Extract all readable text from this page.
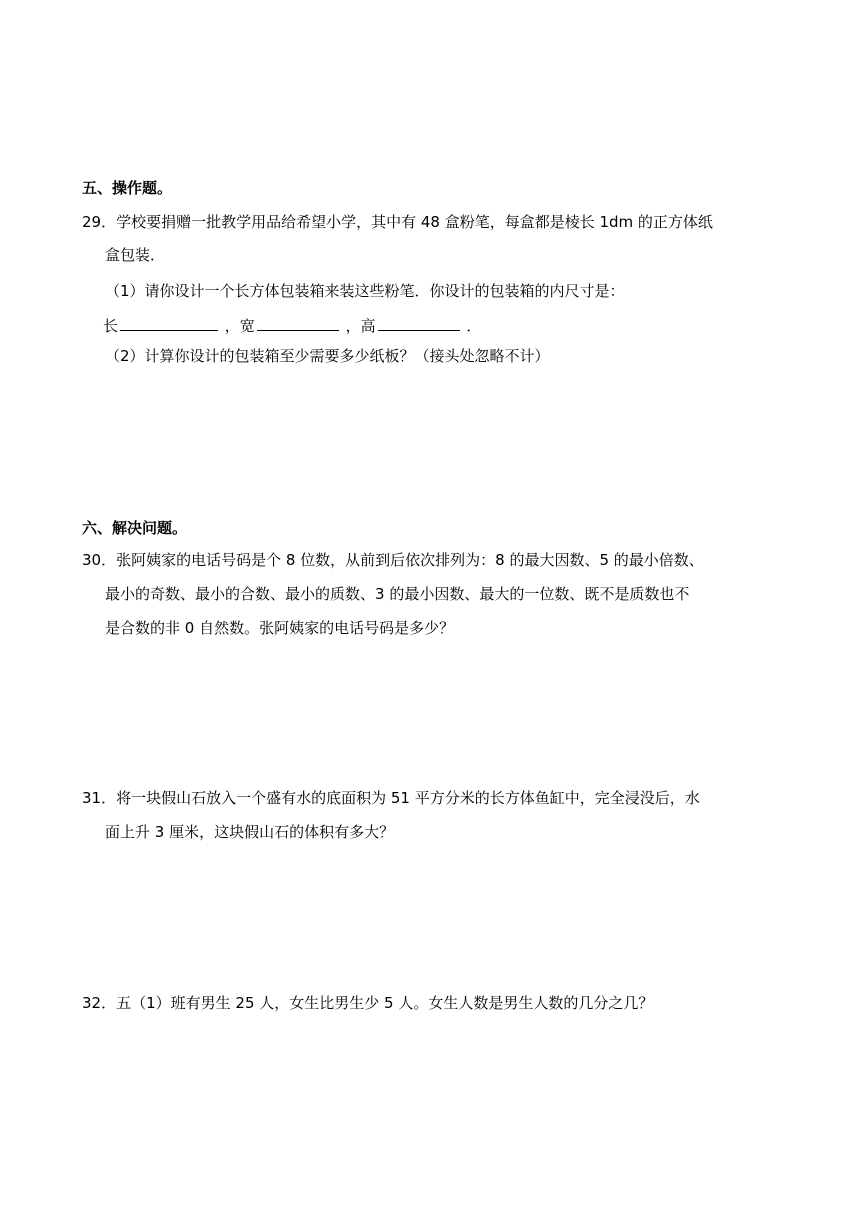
五、操作题。
29．学校要捐赠一批教学用品给希望小学，其中有 48 盒粉笔，每盒都是棱长 1dm 的正方体纸
盒包装．
（1）请你设计一个长方体包装箱来装这些粉笔．你设计的包装箱的内尺寸是：
长	，宽	，高	．
（2）计算你设计的包装箱至少需要多少纸板？（接头处忽略不计）
六、解决问题。
30．张阿姨家的电话号码是个 8 位数，从前到后依次排列为：8 的最大因数、5 的最小倍数、
最小的奇数、最小的合数、最小的质数、3 的最小因数、最大的一位数、既不是质数也不
是合数的非 0 自然数。张阿姨家的电话号码是多少？
31．将一块假山石放入一个盛有水的底面积为 51 平方分米的长方体鱼缸中，完全浸没后，水
面上升 3 厘米，这块假山石的体积有多大？
32．五（1）班有男生 25 人，女生比男生少 5 人。女生人数是男生人数的几分之几？
